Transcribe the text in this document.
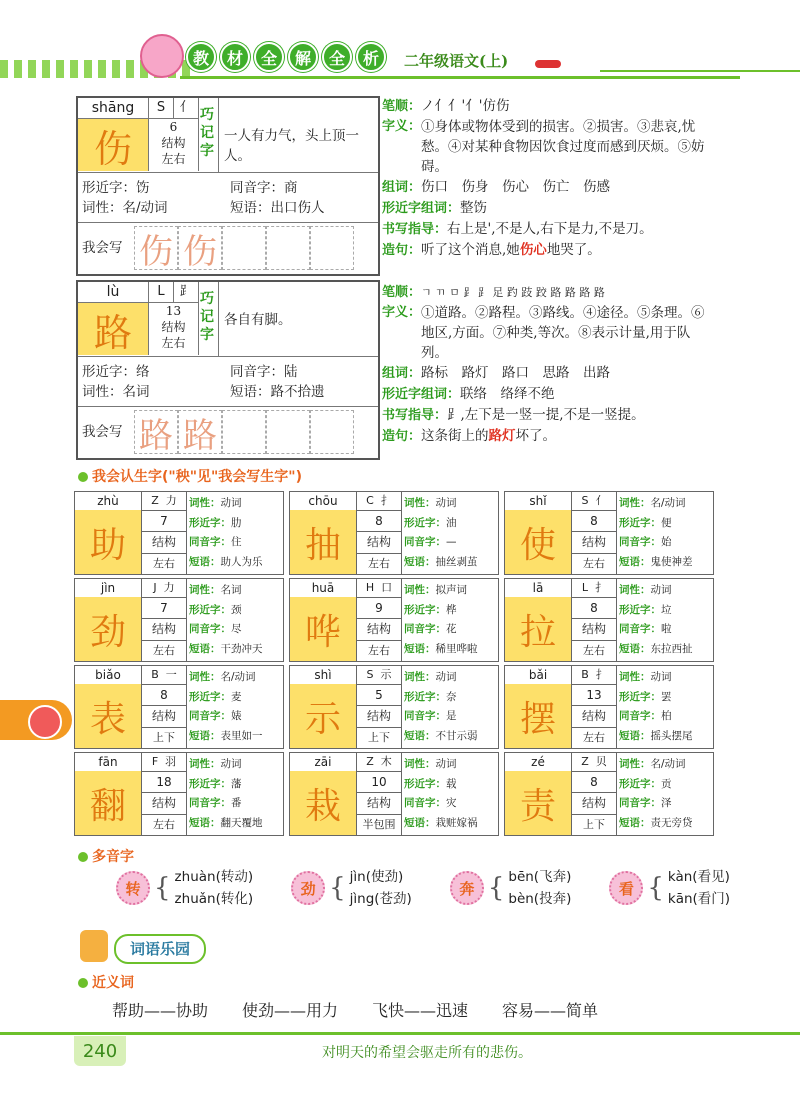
教	材	全	解	全	析	二年级语文(上)
shāng	S	亻
伤	6
结构
左右
巧记字
一人有力气，头上顶一人。
形近字：饬	同音字：商
词性：名/动词	短语：出口伤人
我会写 伤 伤
笔顺：ノ亻亻'亻'仿伤
字义： ①身体或物体受到的损害。②损害。③悲哀,忧愁。④对某种食物因饮食过度而感到厌烦。⑤妨碍。
组词：伤口　伤身　伤心　伤亡　伤感
形近字组词：整饬
书写指导：右上是',不是人,右下是力,不是刀。
造句：听了这个消息,她伤心地哭了。
lù	L	⻊
路	13
结构
左右
巧记字
各自有脚。
形近字：络	同音字：陆
词性：名词	短语：路不拾遗
我会写 路 路
笔顺：ㄱ ㄲ ㅁ ⻊ ⻊ 足 趵 跂 跤 路 路 路 路
字义： ①道路。②路程。③路线。④途径。⑤条理。⑥地区,方面。⑦种类,等次。⑧表示计量,用于队列。
组词：路标　路灯　路口　思路　出路
形近字组词：联络　络绎不绝
书写指导：⻊,左下是一竖一提,不是一竖提。
造句：这条街上的路灯坏了。
我会认生字("秧"见"我会写生字")
zhù	Z 力
助
7
结构
左右
词性：动词
形近字：肋
同音字：住
短语：助人为乐
chōu	C 扌
抽
8
结构
左右
词性：动词
形近字：油
同音字：—
短语：抽丝剥茧
shǐ	S 亻
使
8
结构
左右
词性：名/动词
形近字：便
同音字：始
短语：鬼使神差
jìn	J 力
劲
7
结构
左右
词性：名词
形近字：颈
同音字：尽
短语：干劲冲天
huā	H 口
哗
9
结构
左右
词性：拟声词
形近字：桦
同音字：花
短语：稀里哗啦
lā	L 扌
拉
8
结构
左右
词性：动词
形近字：垃
同音字：啦
短语：东拉西扯
biǎo	B 一
表
8
结构
上下
词性：名/动词
形近字：麦
同音字：婊
短语：表里如一
shì	S 示
示
5
结构
上下
词性：动词
形近字：奈
同音字：是
短语：不甘示弱
bǎi	B 扌
摆
13
结构
左右
词性：动词
形近字：罢
同音字：柏
短语：摇头摆尾
fān	F 羽
翻
18
结构
左右
词性：动词
形近字：藩
同音字：番
短语：翻天覆地
zāi	Z 木
栽
10
结构
半包围
词性：动词
形近字：载
同音字：灾
短语：栽赃嫁祸
zé	Z 贝
责
8
结构
上下
词性：名/动词
形近字：贡
同音字：泽
短语：责无旁贷
多音字
转 { zhuàn(转动)
zhuǎn(转化)
劲 { jìn(使劲)
jìng(苍劲)
奔 { bēn(飞奔)
bèn(投奔)
看 { kàn(看见)
kān(看门)
词语乐园
近义词
帮助——协助 使劲——用力 飞快——迅速 容易——简单
240	对明天的希望会驱走所有的悲伤。
